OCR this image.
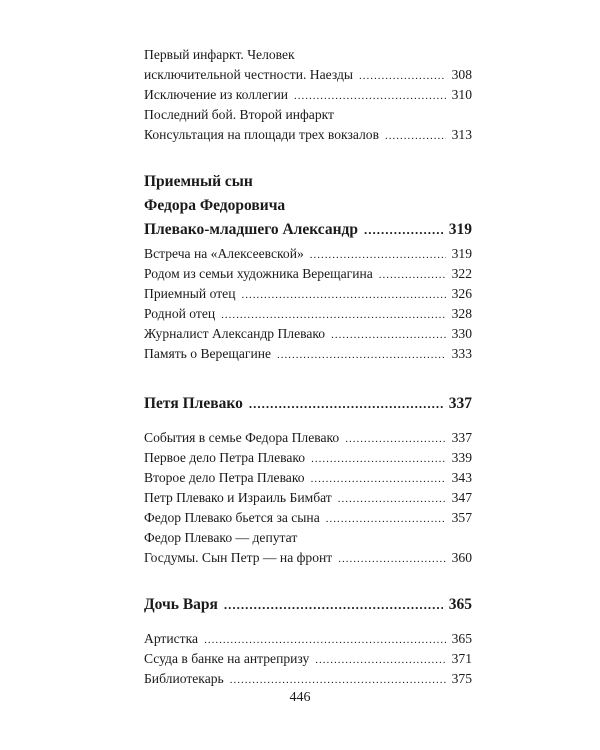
Первый инфаркт. Человек
исключительной честности. Наезды .....	308
Исключение из коллегии .....	310
Последний бой. Второй инфаркт
Консультация на площади трех вокзалов .....	313
Приемный сын
Федора Федоровича
Плевако-младшего Александр .....	319
Встреча на «Алексеевской» .....	319
Родом из семьи художника Верещагина .....	322
Приемный отец .....	326
Родной отец .....	328
Журналист Александр Плевако .....	330
Память о Верещагине .....	333
Петя Плевако .....	337
События в семье Федора Плевако .....	337
Первое дело Петра Плевако .....	339
Второе дело Петра Плевако .....	343
Петр Плевако и Израиль Бимбат .....	347
Федор Плевако бьется за сына .....	357
Федор Плевако — депутат
Госдумы. Сын Петр — на фронт .....	360
Дочь Варя .....	365
Артистка .....	365
Ссуда в банке на антрепризу .....	371
Библиотекарь .....	375
446
